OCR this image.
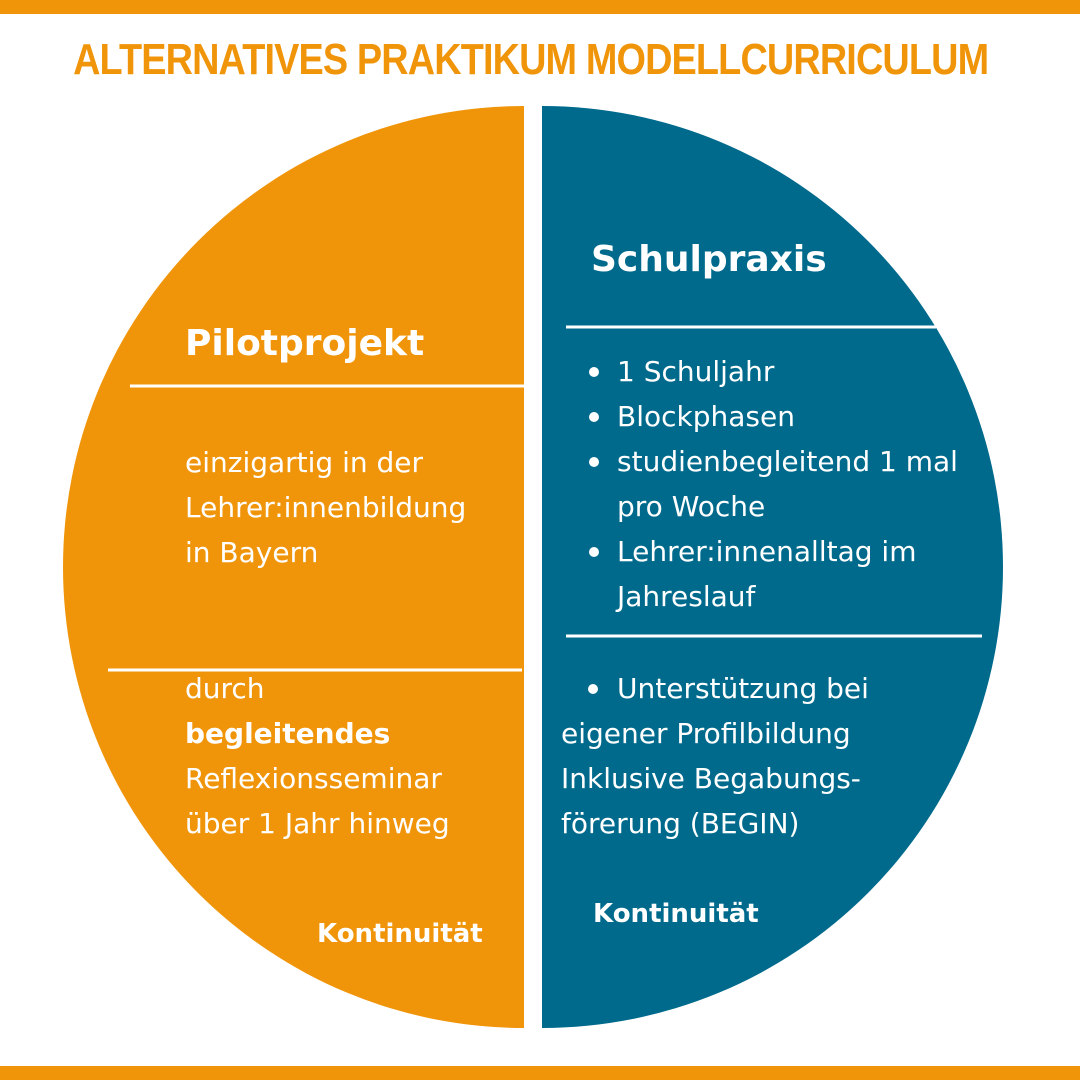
ALTERNATIVES PRAKTIKUM MODELLCURRICULUM
Pilotprojekt
einzigartig in der
Lehrer:innenbildung
in Bayern
durch
begleitendes
Reflexionsseminar
über 1 Jahr hinweg
Kontinuität
Schulpraxis
1 Schuljahr
Blockphasen
studienbegleitend 1 mal pro Woche
Lehrer:innenalltag im Jahreslauf
Unterstützung bei
eigener Profilbildung
Inklusive Begabungs-
förerung (BEGIN)
Kontinuität
